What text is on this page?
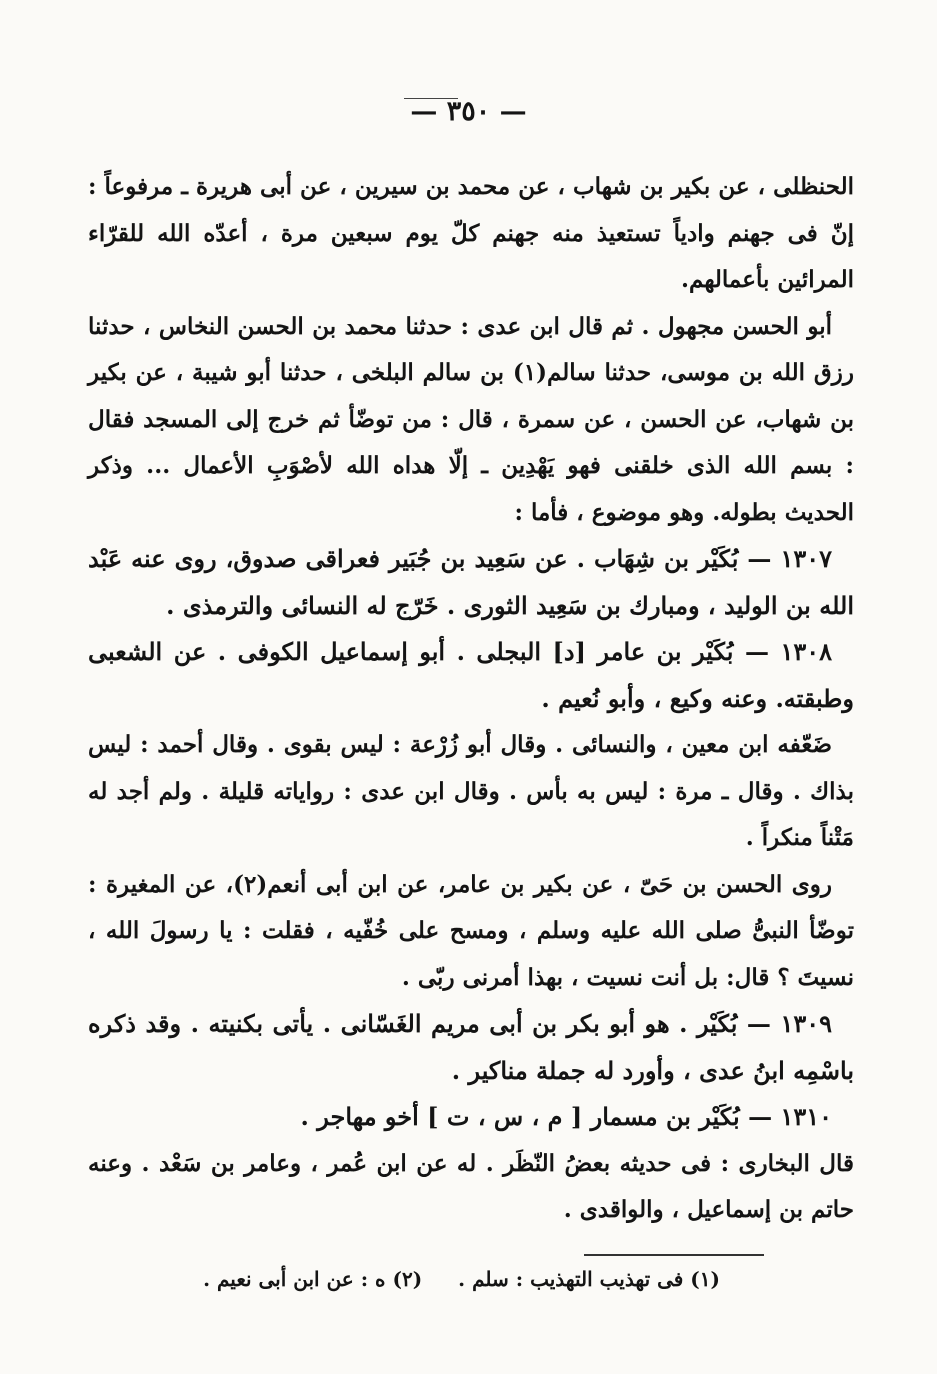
— ٣٥٠ —

الحنظلى ، عن بكير بن شهاب ، عن محمد بن سيرين ، عن أبى هريرة ـ مرفوعاً : إنّ فى جهنم وادياً تستعيذ منه جهنم كلّ يوم سبعين مرة ، أعدّه الله للقرّاء المرائين بأعمالهم.

أبو الحسن مجهول . ثم قال ابن عدى : حدثنا محمد بن الحسن النخاس ، حدثنا رزق الله بن موسى، حدثنا سالم(١) بن سالم البلخى ، حدثنا أبو شيبة ، عن بكير بن شهاب، عن الحسن ، عن سمرة ، قال : من توضّأ ثم خرج إلى المسجد فقال : بسم الله الذى خلقنى فهو يَهْدِين ـ إلّا هداه الله لأصْوَبِ الأعمال ... وذكر الحديث بطوله. وهو موضوع ، فأما :

١٣٠٧ — بُكَيْر بن شِهَاب . عن سَعِيد بن جُبَير فعراقى صدوق، روى عنه عَبْد الله بن الوليد ، ومبارك بن سَعِيد الثورى . خَرّج له النسائى والترمذى .

١٣٠٨ — بُكَيْر بن عامر [د] البجلى . أبو إسماعيل الكوفى . عن الشعبى وطبقته. وعنه وكيع ، وأبو نُعيم .

ضَعّفه ابن معين ، والنسائى . وقال أبو زُرْعة : ليس بقوى . وقال أحمد : ليس بذاك . وقال ـ مرة : ليس به بأس . وقال ابن عدى : رواياته قليلة . ولم أجد له مَتْناً منكراً .

روى الحسن بن حَىّ ، عن بكير بن عامر، عن ابن أبى أنعم(٢)، عن المغيرة : توضّأ النبىُّ صلى الله عليه وسلم ، ومسح على خُفّيه ، فقلت : يا رسولَ الله ، نسيتَ ؟ قال: بل أنت نسيت ، بهذا أمرنى ربّى .

١٣٠٩ — بُكَيْر . هو أبو بكر بن أبى مريم الغَسّانى . يأتى بكنيته . وقد ذكره باسْمِه ابنُ عدى ، وأورد له جملة مناكير .

١٣١٠ — بُكَيْر بن مسمار [ م ، س ، ت ] أخو مهاجر .

قال البخارى : فى حديثه بعضُ النّظَر . له عن ابن عُمر ، وعامر بن سَعْد . وعنه حاتم بن إسماعيل ، والواقدى .

(١) فى تهذيب التهذيب : سلم .
(٢) ه : عن ابن أبى نعيم .
